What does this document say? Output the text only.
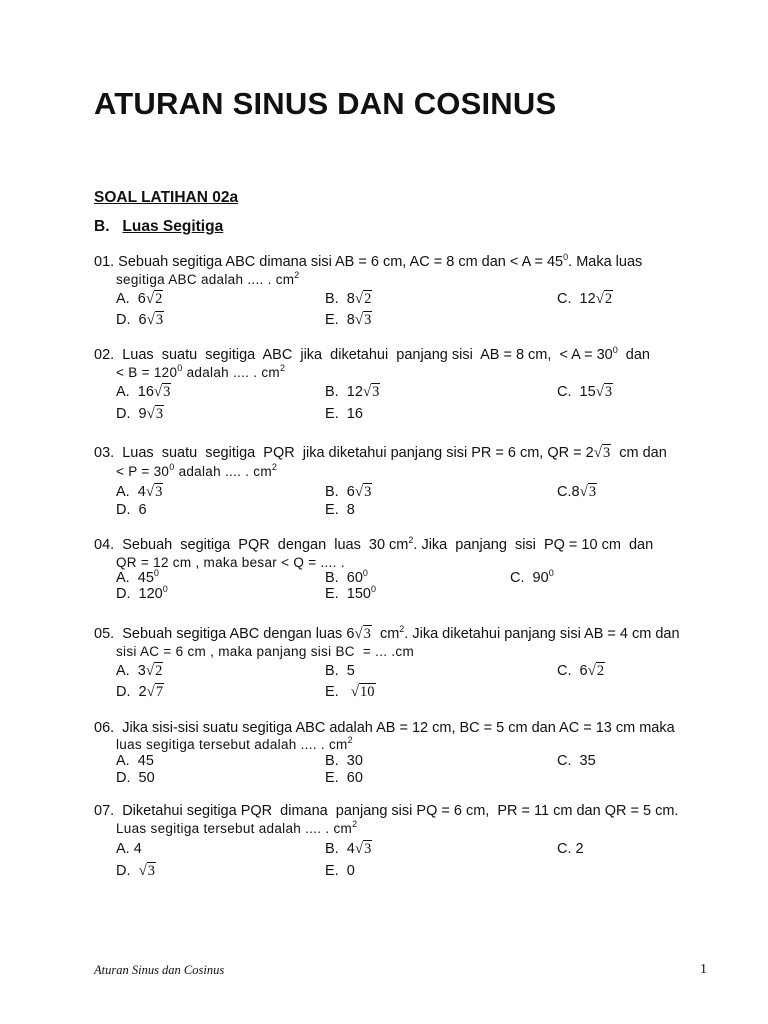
ATURAN SINUS DAN COSINUS
SOAL LATIHAN 02a
B. Luas Segitiga
01. Sebuah segitiga ABC dimana sisi AB = 6 cm, AC = 8 cm dan < $A = 45^0$. Maka luas
segitiga ABC adalah .... . $cm^2$
A.  6√2	B.  8√2	C.  12√2
D.  6√3	E.  8√3
02.  Luas  suatu  segitiga  ABC  jika  diketahui  panjang sisi  AB = 8 cm,  < $A = 30^0$  dan
< $B = 120^0$ adalah .... . $cm^2$
A.  16√3	B.  12√3	C.  15√3
D.  9√3	E.  16
03.  Luas  suatu  segitiga  PQR  jika diketahui panjang sisi PR = 6 cm, QR = 2√3  cm dan
< $P = 30^0$ adalah .... . $cm^2$
A.  4√3	B.  6√3	C.8√3
D.  6	E.  8
04.  Sebuah  segitiga  PQR  dengan  luas  30 $cm^2$. Jika  panjang  sisi  PQ = 10 cm  dan
QR = 12 cm , maka besar < Q = .... .
A.  $45^0$	B.  $60^0$	C.  $90^0$
D.  $120^0$	E.  $150^0$
05.  Sebuah segitiga ABC dengan luas 6√3  $cm^2$. Jika diketahui panjang sisi AB = 4 cm dan
sisi AC = 6 cm , maka panjang sisi BC  = ... .cm
A.  3√2	B.  5	C.  6√2
D.  2√7	E.   √10
06.  Jika sisi-sisi suatu segitiga ABC adalah AB = 12 cm, BC = 5 cm dan AC = 13 cm maka
luas segitiga tersebut adalah .... . $cm^2$
A.  45	B.  30	C.  35
D.  50	E.  60
07.  Diketahui segitiga PQR  dimana  panjang sisi PQ = 6 cm,  PR = 11 cm dan QR = 5 cm.
Luas segitiga tersebut adalah .... . $cm^2$
A. 4	B.  4√3	C. 2
D.  √3	E.  0
Aturan Sinus dan Cosinus	1
